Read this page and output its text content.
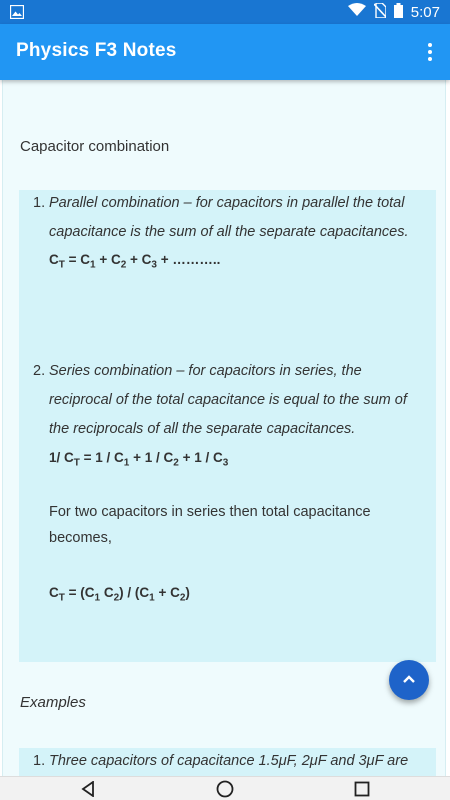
5:07
Physics F3 Notes
Capacitor combination
1. Parallel combination – for capacitors in parallel the total
capacitance is the sum of all the separate capacitances.
$C_T = C_1 + C_2 + C_3$ + ………..
2. Series combination – for capacitors in series, the
reciprocal of the total capacitance is equal to the sum of
the reciprocals of all the separate capacitances.
1/ $C_T = 1 / C_1 + 1 / C_2 + 1 / C_3$
For two capacitors in series then total capacitance
becomes,
$C_T = (C_1$ $C_2) / (C_1 + C_2)$
Examples
1. Three capacitors of capacitance 1.5μF, 2μF and 3μF are
